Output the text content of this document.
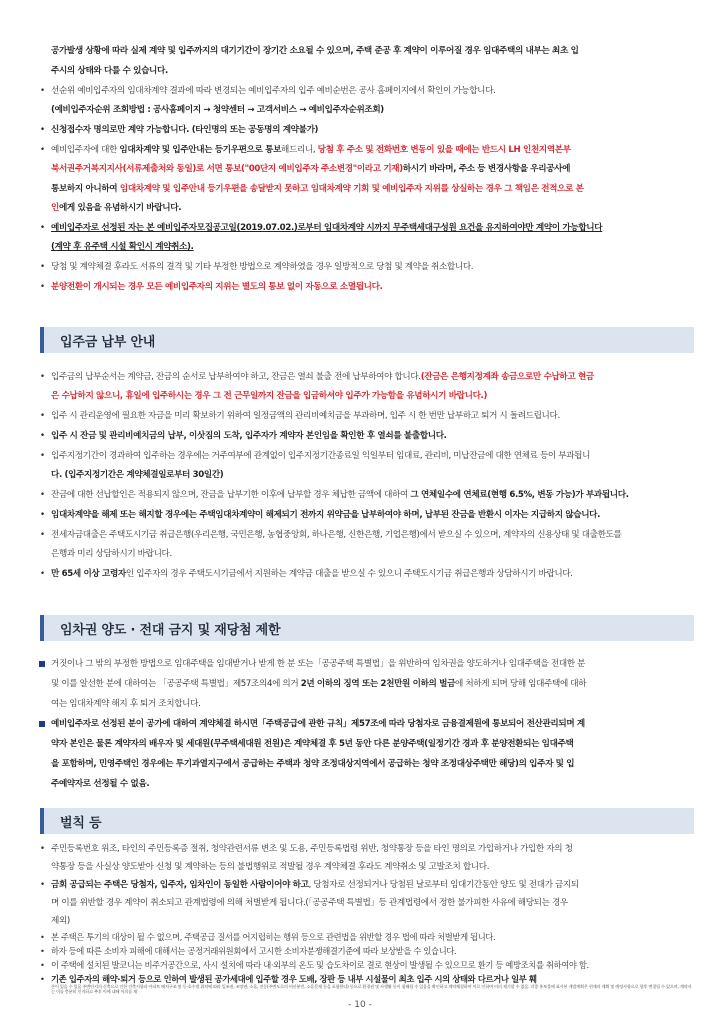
공가발생 상황에 따라 실제 계약 및 입주까지의 대기기간이 장기간 소요될 수 있으며, 주택 준공 후 계약이 이루어질 경우 임대주택의 내부는 최초 입

주시의 상태와 다를 수 있습니다.

• 선순위 예비입주자의 임대차계약 결과에 따라 변경되는 예비입주자의 입주 예비순번은 공사 홈페이지에서 확인이 가능합니다.

(예비입주자순위 조회방법 : 공사홈페이지 → 청약센터 → 고객서비스 → 예비입주자순위조회)

• 신청접수자 명의로만 계약 가능합니다. (타인명의 또는 공동명의 계약불가)

• 예비입주자에 대한 임대차계약 및 입주안내는 등기우편으로 통보해드리니, 당첨 후 주소 및 전화번호 변동이 있을 때에는 반드시 LH 인천지역본부

북서권주거복지지사(서류제출처와 동일)로 서면 통보("00단지 예비입주자 주소변경"이라고 기재)하시기 바라며, 주소 등 변경사항을 우리공사에

통보하지 아니하여 임대차계약 및 입주안내 등기우편을 송달받지 못하고 임대차계약 기회 및 예비입주자 지위를 상실하는 경우 그 책임은 전적으로 본

인에게 있음을 유념하시기 바랍니다.

• 예비입주자로 선정된 자는 본 예비입주자모집공고일(2019.07.02.)로부터 임대차계약 시까지 무주택세대구성원 요건을 유지하여야만 계약이 가능합니다

(계약 후 유주택 시설 확인시 계약취소).

• 당첨 및 계약체결 후라도 서류의 결격 및 기타 부정한 방법으로 계약하였을 경우 일방적으로 당첨 및 계약을 취소합니다.

• 분양전환이 개시되는 경우 모든 예비입주자의 지위는 별도의 통보 없이 자동으로 소멸됩니다.

입주금 납부 안내

• 입주금의 납부순서는 계약금, 잔금의 순서로 납부하여야 하고, 잔금은 열쇠 불출 전에 납부하여야 합니다.(잔금은 은행지정계좌 송금으로만 수납하고 현금

은 수납하지 않으니, 휴일에 입주하시는 경우 그 전 근무일까지 잔금을 입금하셔야 입주가 가능함을 유념하시기 바랍니다.)

• 입주 시 관리운영에 필요한 자금을 미리 확보하기 위하여 일정금액의 관리비예치금을 부과하며, 입주 시 한 번만 납부하고 퇴거 시 돌려드립니다.

• 입주 시 잔금 및 관리비예치금의 납부, 이삿짐의 도착, 입주자가 계약자 본인임을 확인한 후 열쇠를 불출합니다.

• 입주지정기간이 경과하여 입주하는 경우에는 거주여부에 관계없이 입주지정기간종료일 익일부터 임대료, 관리비, 미납잔금에 대한 연체료 등이 부과됩니

다. (입주지정기간은 계약체결일로부터 30일간)

• 잔금에 대한 선납할인은 적용되지 않으며, 잔금을 납부기한 이후에 납부할 경우 체납한 금액에 대하여 그 연체일수에 연체료(현행 6.5%, 변동 가능)가 부과됩니다.

• 임대차계약을 해제 또는 해지할 경우에는 주택임대차계약이 해제되기 전까지 위약금을 납부하여야 하며, 납부된 잔금을 반환시 이자는 지급하지 않습니다.

• 전세자금대출은 주택도시기금 취급은행(우리은행, 국민은행, 농협중앙회, 하나은행, 신한은행, 기업은행)에서 받으실 수 있으며, 계약자의 신용상태 및 대출한도를

은행과 미리 상담하시기 바랍니다.

• 만 65세 이상 고령자인 입주자의 경우 주택도시기금에서 지원하는 계약금 대출을 받으실 수 있으니 주택도시기금 취급은행과 상담하시기 바랍니다.

임차권 양도 · 전대 금지 및 재당첨 제한

거짓이나 그 밖의 부정한 방법으로 임대주택을 임대받거나 받게 한 분 또는「공공주택 특별법」을 위반하여 임차권을 양도하거나 임대주택을 전대한 분

및 이를 알선한 분에 대하여는 「공공주택 특별법」제57조의4에 의거 2년 이하의 징역 또는 2천만원 이하의 벌금에 처하게 되며 당해 임대주택에 대하

여는 임대차계약 해지 후 퇴거 조치합니다.

예비입주자로 선정된 분이 공가에 대하여 계약체결 하시면「주택공급에 관한 규칙」제57조에 따라 당첨자로 금융결제원에 통보되어 전산관리되며 계

약자 본인은 물론 계약자의 배우자 및 세대원(무주택세대원 전원)은 계약체결 후 5년 동안 다른 분양주택(일정기간 경과 후 분양전환되는 임대주택

을 포함하며, 민영주택인 경우에는 투기과열지구에서 공급하는 주택과 청약 조정대상지역에서 공급하는 청약 조정대상주택만 해당)의 입주자 및 입

주예약자로 선정될 수 없음.

벌칙 등

• 주민등록번호 위조, 타인의 주민등록증 절취, 청약관련서류 변조 및 도용, 주민등록법령 위반, 청약통장 등을 타인 명의로 가입하거나 가입한 자의 청

약통장 등을 사실상 양도받아 신청 및 계약하는 등의 불법행위로 적발될 경우 계약체결 후라도 계약취소 및 고발조치 합니다.

• 금회 공급되는 주택은 당첨자, 입주자, 임차인이 동일한 사람이어야 하고, 당첨자로 선정되거나 당첨된 날로부터 임대기간동안 양도 및 전대가 금지되

며 이를 위반할 경우 계약이 취소되고 관계법령에 의해 처벌받게 됩니다.(「공공주택 특별법」등 관계법령에서 정한 불가피한 사유에 해당되는 경우

제외)

• 본 주택은 투기의 대상이 될 수 없으며, 주택공급 질서를 어지럽히는 행위 등으로 관련법을 위반할 경우 법에 따라 처벌받게 됩니다.

• 하자 등에 따른 소비자 피해에 대해서는 공정거래위원회에서 고시한 소비자분쟁해결기준에 따라 보상받을 수 있습니다.

• 이 주택에 설치된 발코니는 비주거공간으로, 사시 설치에 따라 내·외부의 온도 및 습도차이로 결로 현상이 발생될 수 있으므로 환기 등 예방조치를 취하여야 함.

• 기존 입주자의 해약·퇴거 등으로 인하여 발생된 공가세대에 입주할 경우 도배, 장판 등 내부 시설물이 최초 입주 시의 상태와 다르거나 일부 훼

손이 있을 수 있음 주변단지의 신축으로 인한 건축시항과 아파트 배치구조 및 동·호수별 위치에 따라 일조권, 조망권, 소음, 진동(주변도로의 비산분진, 소음문제 등을 포함한다) 등으로 환경권 및 사생활 등이 침해될 수 있음을 확인하고 계약체결하며 이로 인하여 이의 제기할 수 없음. 각종 홍보물에 표시된 개발계획은 현재의 계획 및 예정사항으로 향후 변경될 수 있으며, 계약자는 이를 충분히 인지하고 추후 이에 대해 이의를 제

- 10 -
